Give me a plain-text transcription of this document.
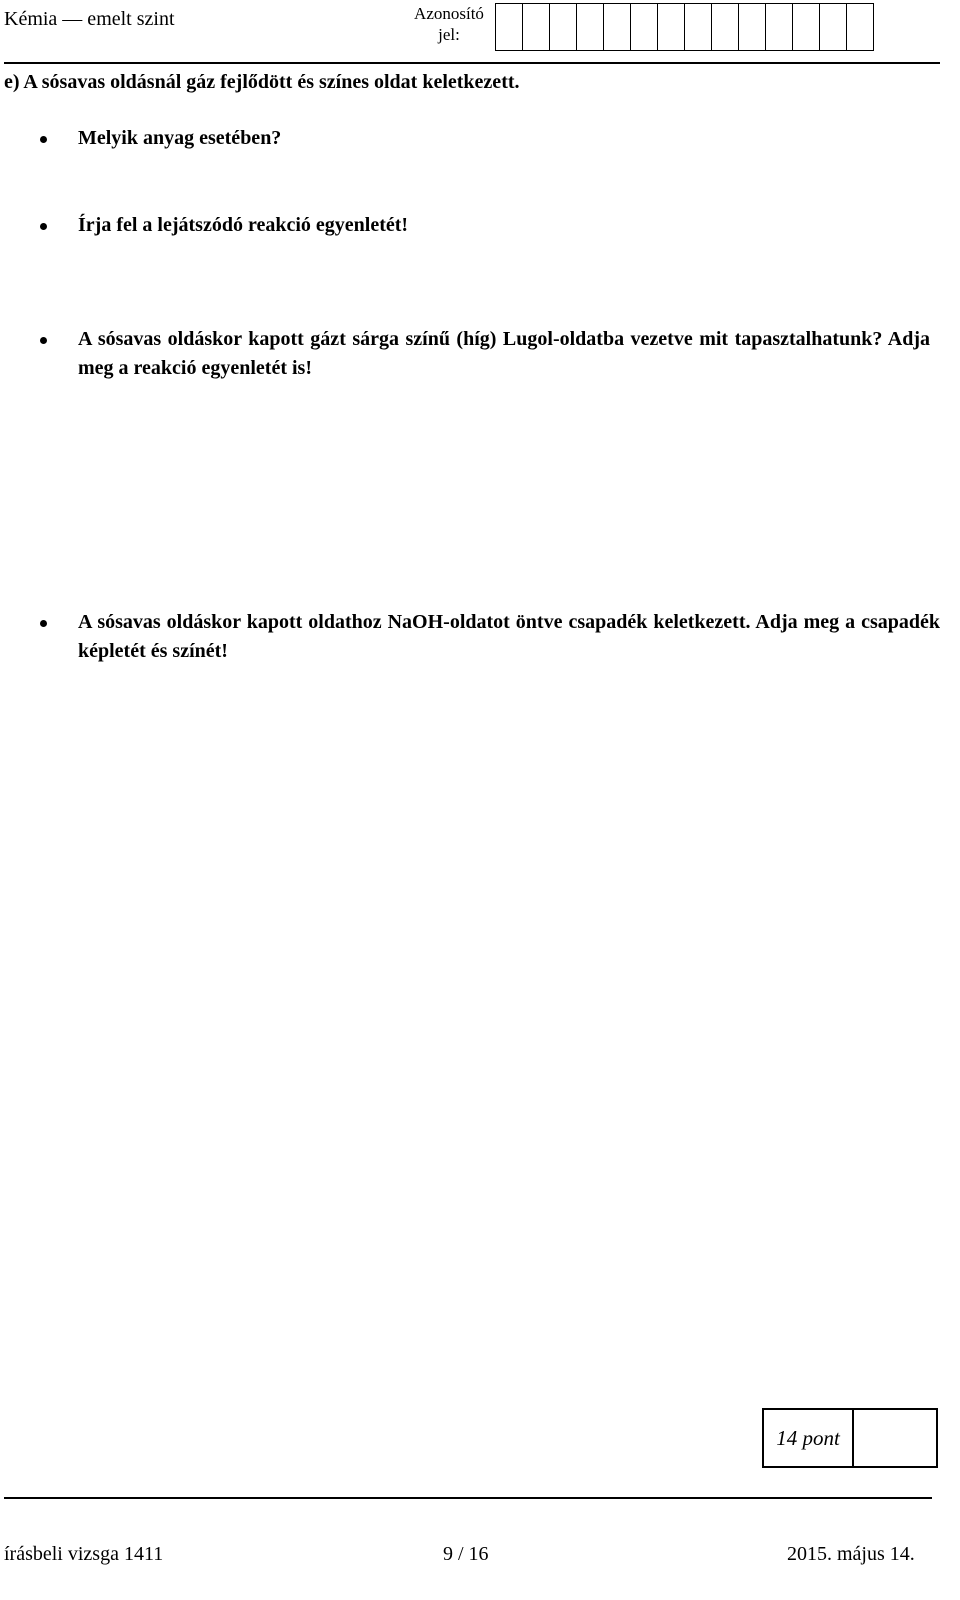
Kémia — emelt szint	Azonosító
jel:
e) A sósavas oldásnál gáz fejlődött és színes oldat keletkezett.
Melyik anyag esetében?
Írja fel a lejátszódó reakció egyenletét!
A sósavas oldáskor kapott gázt sárga színű (híg) Lugol-oldatba vezetve mit tapasztalhatunk? Adja meg a reakció egyenletét is!
A sósavas oldáskor kapott oldathoz NaOH-oldatot öntve csapadék keletkezett. Adja meg a csapadék képletét és színét!
14 pont
írásbeli vizsga 1411	9 / 16	2015. május 14.
